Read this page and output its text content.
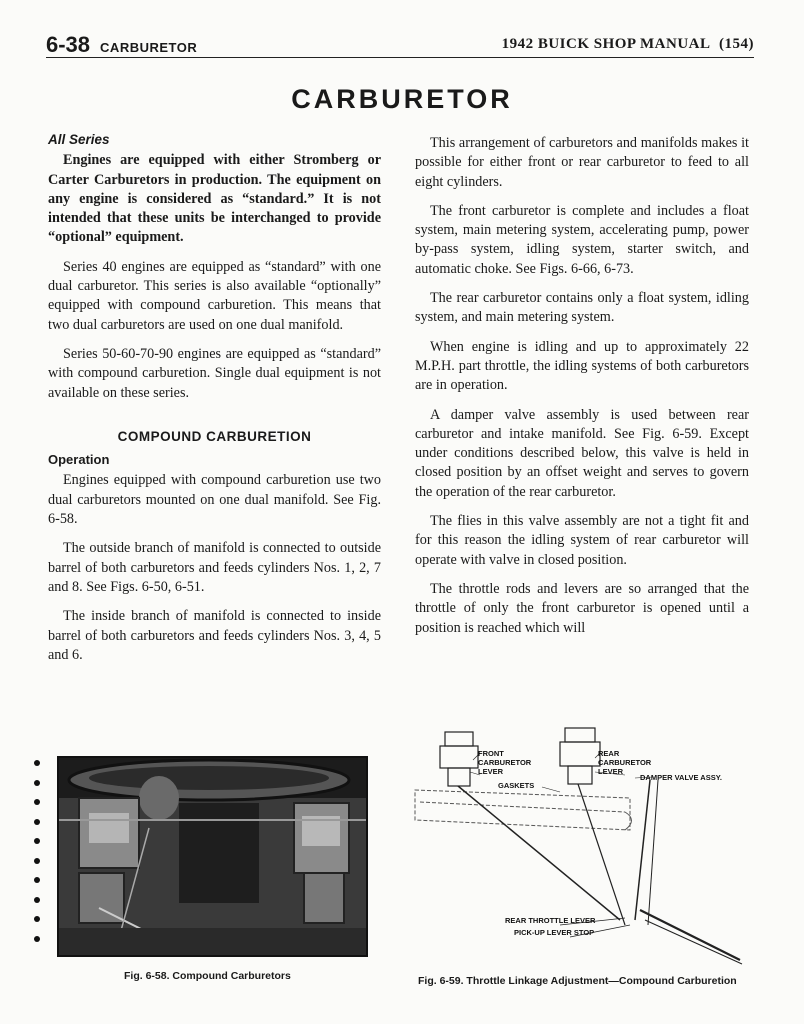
6-38 CARBURETOR	1942 BUICK SHOP MANUAL (154)
CARBURETOR
All Series

Engines are equipped with either Stromberg or Carter Carburetors in production. The equipment on any engine is considered as “standard.” It is not intended that these units be interchanged to provide “optional” equipment.

Series 40 engines are equipped as “standard” with one dual carburetor. This series is also available “optionally” equipped with compound carburetion. This means that two dual carburetors are used on one dual manifold.

Series 50-60-70-90 engines are equipped as “standard” with compound carburetion. Single dual equipment is not available on these series.

COMPOUND CARBURETION
Operation

Engines equipped with compound carburetion use two dual carburetors mounted on one dual manifold. See Fig. 6-58.

The outside branch of manifold is connected to outside barrel of both carburetors and feeds cylinders Nos. 1, 2, 7 and 8. See Figs. 6-50, 6-51.

The inside branch of manifold is connected to inside barrel of both carburetors and feeds cylinders Nos. 3, 4, 5 and 6.

This arrangement of carburetors and manifolds makes it possible for either front or rear carburetor to feed to all eight cylinders.

The front carburetor is complete and includes a float system, main metering system, accelerating pump, power by-pass system, idling system, starter switch, and automatic choke. See Figs. 6-66, 6-73.

The rear carburetor contains only a float system, idling system, and main metering system.

When engine is idling and up to approximately 22 M.P.H. part throttle, the idling systems of both carburetors are in operation.

A damper valve assembly is used between rear carburetor and intake manifold. See Fig. 6-59. Except under conditions described below, this valve is held in closed position by an offset weight and serves to govern the operation of the rear carburetor.

The flies in this valve assembly are not a tight fit and for this reason the idling system of rear carburetor will operate with valve in closed position.

The throttle rods and levers are so arranged that the throttle of only the front carburetor is opened until a position is reached which will

Fig. 6-58. Compound Carburetors
FRONT
CARBURETOR
LEVER
REAR
CARBURETOR
LEVER
DAMPER VALVE ASSY.
GASKETS
REAR THROTTLE LEVER
PICK-UP LEVER STOP
Fig. 6-59. Throttle Linkage Adjustment—Compound Carburetion
